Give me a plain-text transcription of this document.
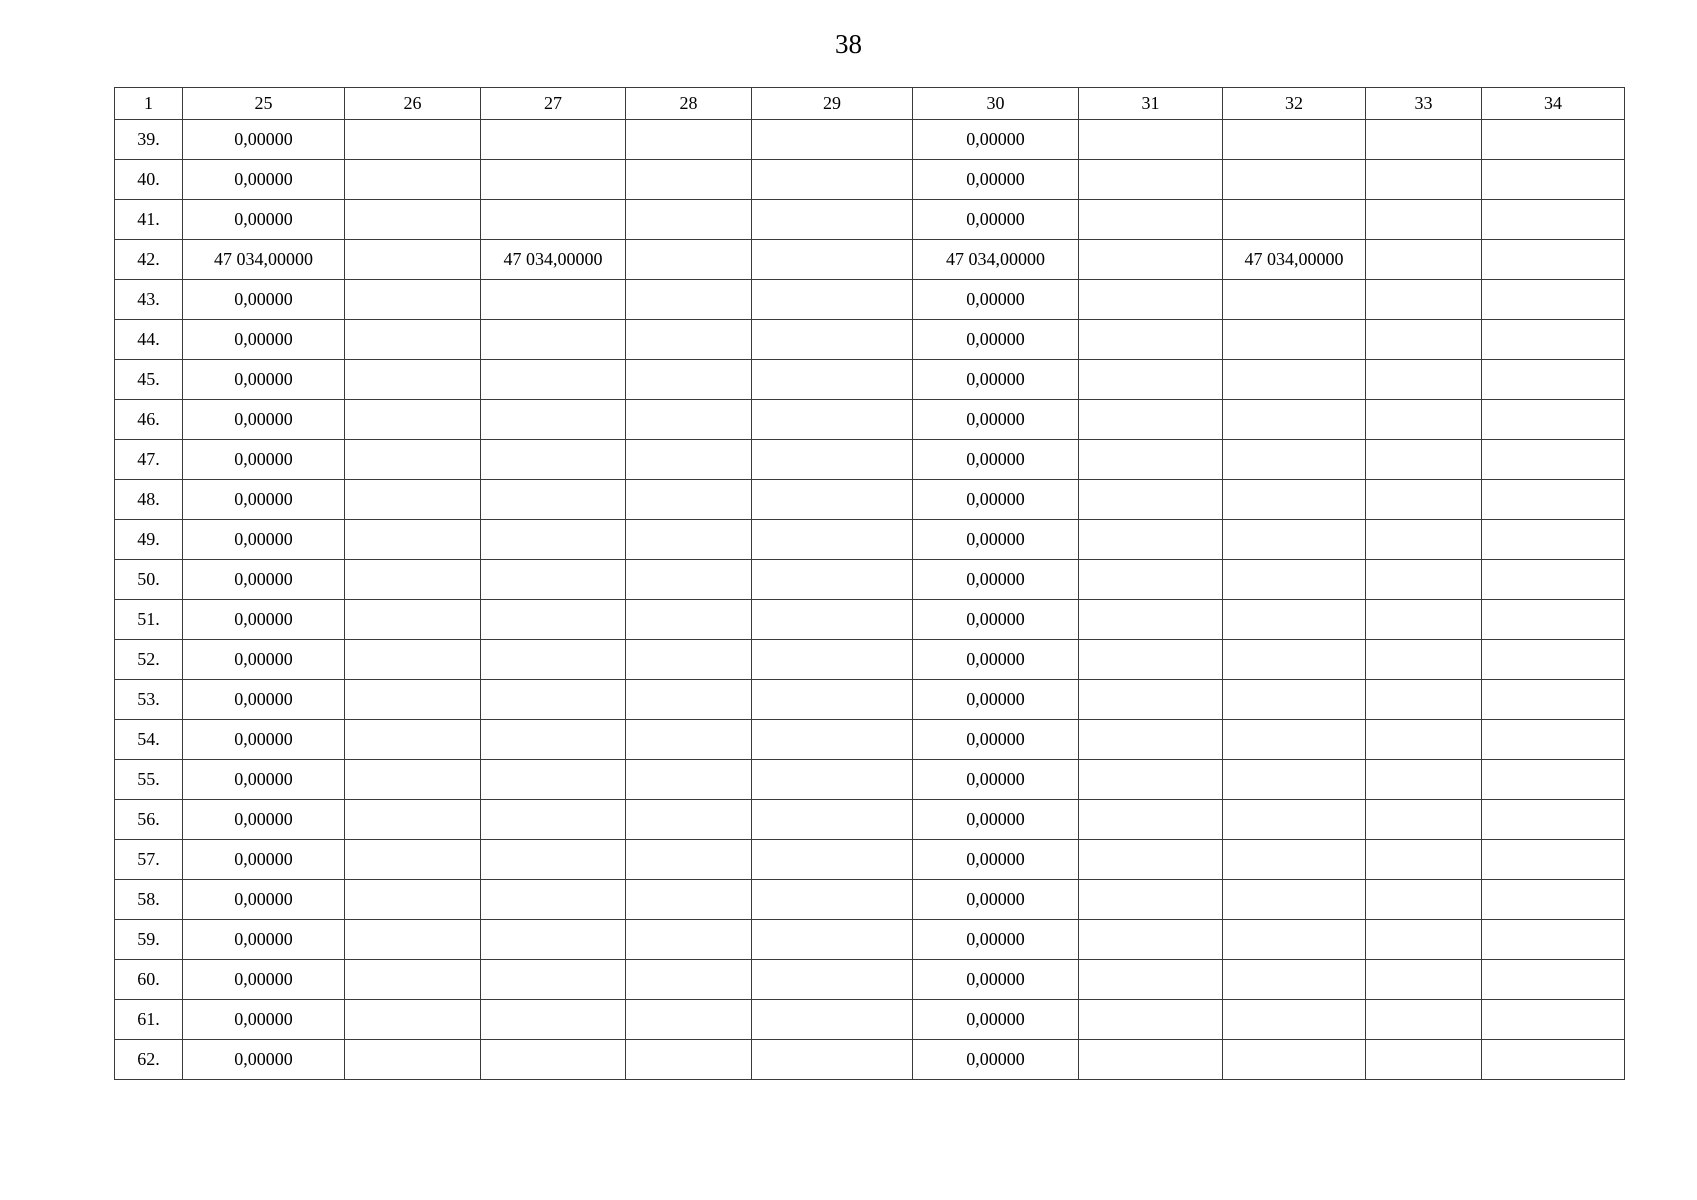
38
1	25	26	27	28	29	30	31	32	33	34
39.	0,00000					0,00000				
40.	0,00000					0,00000				
41.	0,00000					0,00000				
42.	47 034,00000		47 034,00000			47 034,00000		47 034,00000		
43.	0,00000					0,00000				
44.	0,00000					0,00000				
45.	0,00000					0,00000				
46.	0,00000					0,00000				
47.	0,00000					0,00000				
48.	0,00000					0,00000				
49.	0,00000					0,00000				
50.	0,00000					0,00000				
51.	0,00000					0,00000				
52.	0,00000					0,00000				
53.	0,00000					0,00000				
54.	0,00000					0,00000				
55.	0,00000					0,00000				
56.	0,00000					0,00000				
57.	0,00000					0,00000				
58.	0,00000					0,00000				
59.	0,00000					0,00000				
60.	0,00000					0,00000				
61.	0,00000					0,00000				
62.	0,00000					0,00000				
